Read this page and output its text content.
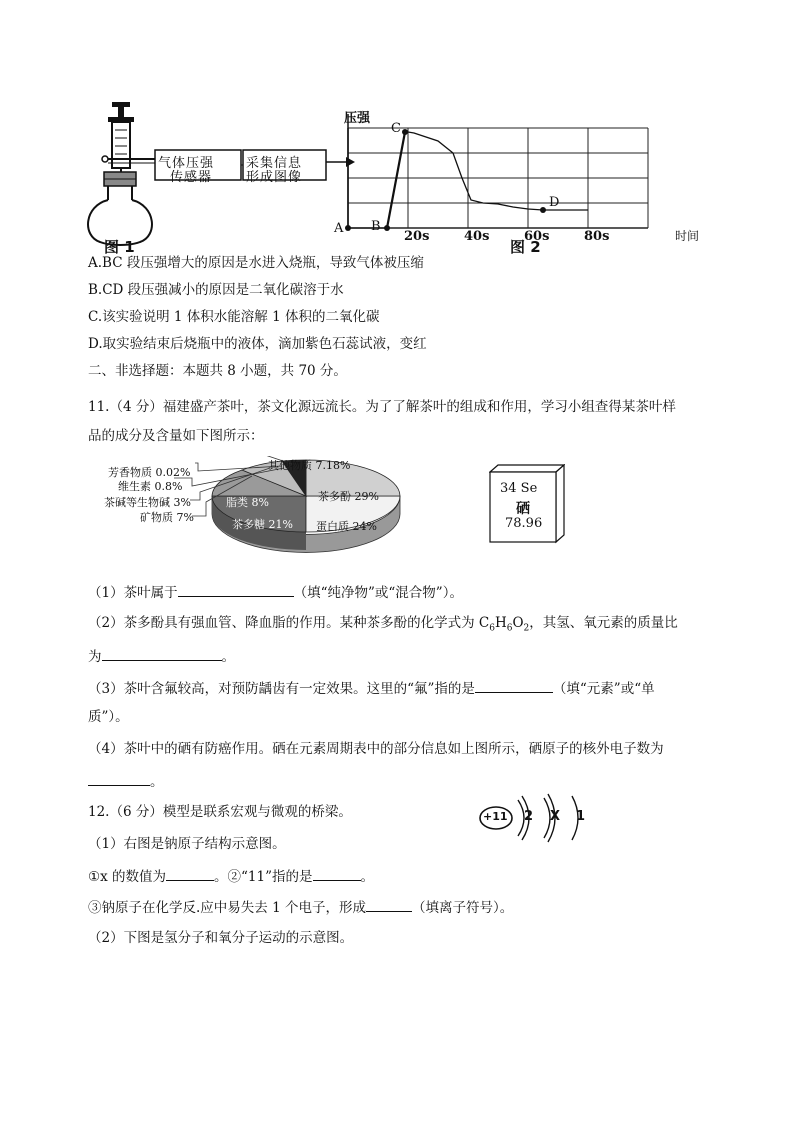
气体压强
传感器
采集信息
形成图像
图 1
A B
C
D
20s	40s	60s	80s	时间
压强
图 2
A.BC 段压强增大的原因是水进入烧瓶，导致气体被压缩
B.CD 段压强减小的原因是二氧化碳溶于水
C.该实验说明 1 体积水能溶解 1 体积的二氧化碳
D.取实验结束后烧瓶中的液体，滴加紫色石蕊试液，变红
二、非选择题：本题共 8 小题，共 70 分。
11.（4 分）福建盛产茶叶，茶文化源远流长。为了了解茶叶的组成和作用，学习小组查得某茶叶样
品的成分及含量如下图所示：
芳香物质 0.02%
维生素 0.8%
茶碱等生物碱 3%
矿物质 7%
其他物质 7.18%
茶多酚 29%
蛋白质 24%
茶多糖 21%
脂类 8%
34 Se
硒
78.96
（1）茶叶属于	（填“纯净物”或“混合物”）。
（2）茶多酚具有强血管、降血脂的作用。某种茶多酚的化学式为 $C_6H_6O_2$，其氢、氧元素的质量比
为	。
（3）茶叶含氟较高，对预防龋齿有一定效果。这里的“氟”指的是	（填“元素”或“单
质”）。
（4）茶叶中的硒有防癌作用。硒在元素周期表中的部分信息如上图所示，硒原子的核外电子数为
。
12.（6 分）模型是联系宏观与微观的桥梁。	+11 2 X 1
（1）右图是钠原子结构示意图。
①x 的数值为	。②“11”指的是	。
③钠原子在化学反.应中易失去 1 个电子，形成	（填离子符号）。
（2）下图是氢分子和氧分子运动的示意图。
